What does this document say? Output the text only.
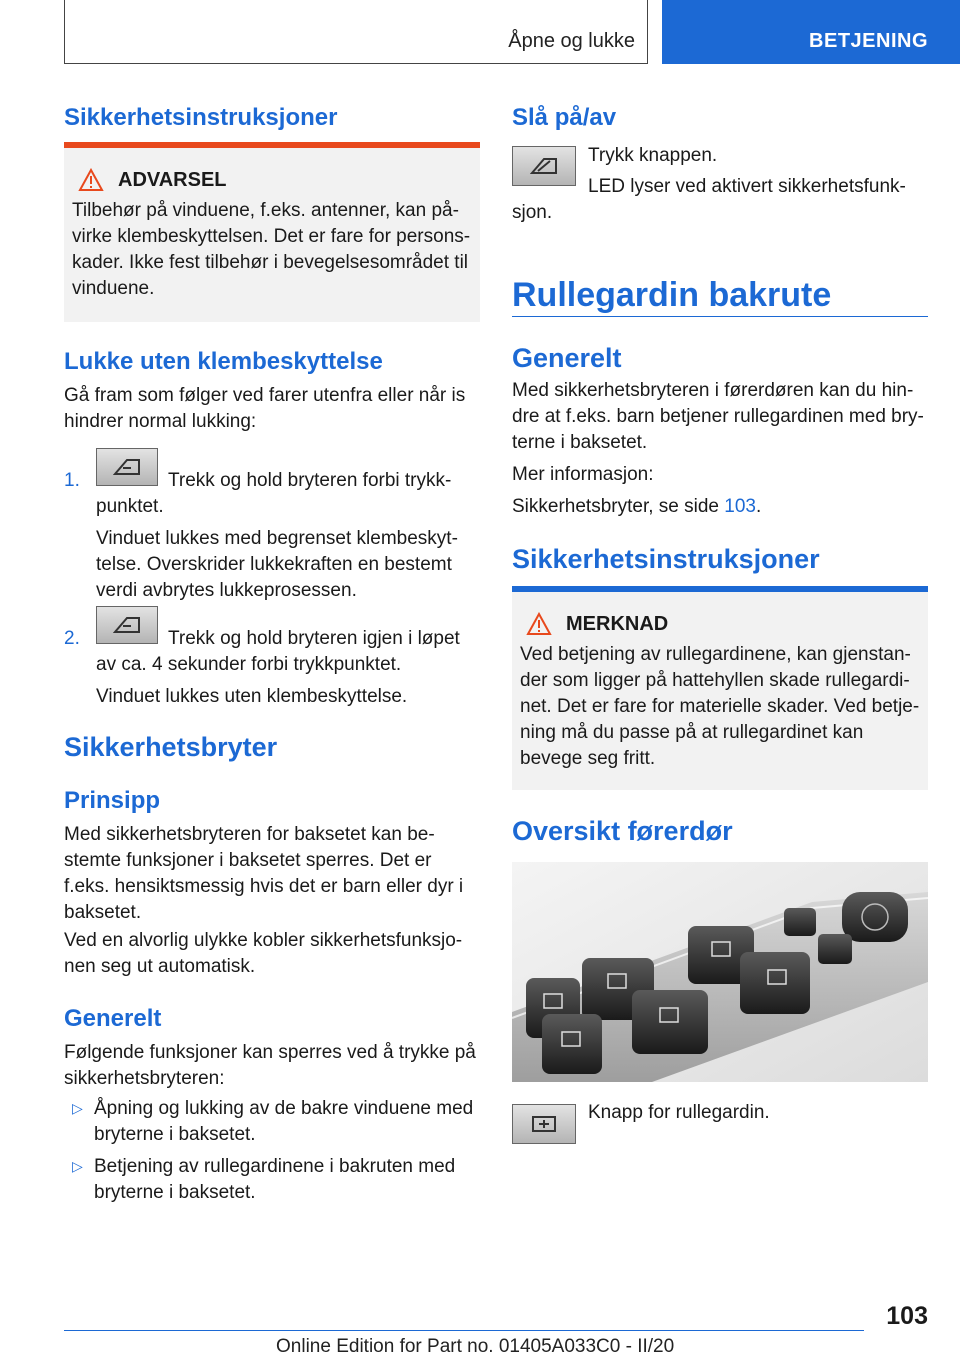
Åpne og lukke	BETJENING
Sikkerhetsinstruksjoner
ADVARSEL

Tilbehør på vinduene, f.eks. antenner, kan på-virke klembeskyttelsen. Det er fare for persons-kader. Ikke fest tilbehør i bevegelsesområdet til vinduene.

Lukke uten klembeskyttelse

Gå fram som følger ved farer utenfra eller når is hindrer normal lukking:

1.	Trekk og hold bryteren forbi trykk-

punktet.

Vinduet lukkes med begrenset klembeskyt-telse. Overskrider lukkekraften en bestemt verdi avbrytes lukkeprosessen.

2.	Trekk og hold bryteren igjen i løpet

av ca. 4 sekunder forbi trykkpunktet.

Vinduet lukkes uten klembeskyttelse.

Sikkerhetsbryter
Prinsipp

Med sikkerhetsbryteren for baksetet kan be-stemte funksjoner i baksetet sperres. Det er f.eks. hensiktsmessig hvis det er barn eller dyr i baksetet.

Ved en alvorlig ulykke kobler sikkerhetsfunksjo-nen seg ut automatisk.

Generelt

Følgende funksjoner kan sperres ved å trykke på sikkerhetsbryteren:

▷ Åpning og lukking av de bakre vinduene med bryterne i baksetet.

▷ Betjening av rullegardinene i bakruten med bryterne i baksetet.

Slå på/av

Trykk knappen.

LED lyser ved aktivert sikkerhetsfunk-

sjon.

Rullegardin bakrute
Generelt

Med sikkerhetsbryteren i førerdøren kan du hin-dre at f.eks. barn betjener rullegardinen med bry-terne i baksetet.

Mer informasjon:

Sikkerhetsbryter, se side 103.

Sikkerhetsinstruksjoner
MERKNAD

Ved betjening av rullegardinene, kan gjenstan-der som ligger på hattehyllen skade rullegardi-net. Det er fare for materielle skader. Ved betje-ning må du passe på at rullegardinet kan bevege seg fritt.

Oversikt førerdør

Knapp for rullegardin.

103
Online Edition for Part no. 01405A033C0 - II/20
